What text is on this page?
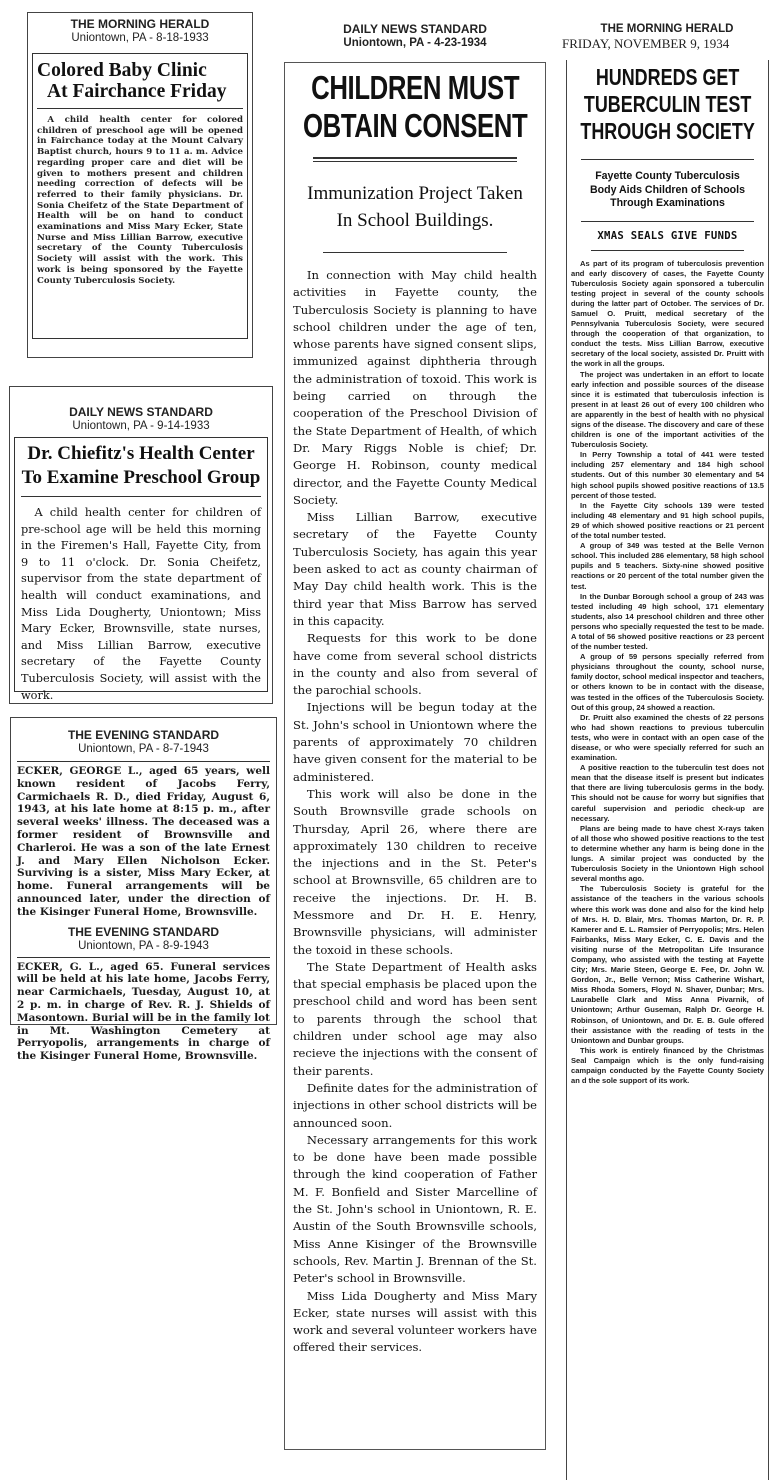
THE MORNING HERALD
Uniontown, PA - 8-18-1933
Colored Baby Clinic
At Fairchance Friday

A child health center for colored children of preschool age will be opened in Fairchance today at the Mount Calvary Baptist church, hours 9 to 11 a. m. Advice regarding proper care and diet will be given to mothers present and children needing correction of defects will be referred to their family physicians. Dr. Sonia Cheifetz of the State Department of Health will be on hand to conduct examinations and Miss Mary Ecker, State Nurse and Miss Lillian Barrow, executive secretary of the County Tuberculosis Society will assist with the work. This work is being sponsored by the Fayette County Tuberculosis Society.

DAILY NEWS STANDARD
Uniontown, PA - 9-14-1933
Dr. Chiefitz's Health Center
To Examine Preschool Group

A child health center for children of pre-school age will be held this morning in the Firemen's Hall, Fayette City, from 9 to 11 o'clock. Dr. Sonia Cheifetz, supervisor from the state department of health will conduct examinations, and Miss Lida Dougherty, Uniontown; Miss Mary Ecker, Brownsville, state nurses, and Miss Lillian Barrow, executive secretary of the Fayette County Tuberculosis Society, will assist with the work.

THE EVENING STANDARD
Uniontown, PA - 8-7-1943

ECKER, GEORGE L., aged 65 years, well known resident of Jacobs Ferry, Carmichaels R. D., died Friday, August 6, 1943, at his late home at 8:15 p. m., after several weeks' illness. The deceased was a former resident of Brownsville and Charleroi. He was a son of the late Ernest J. and Mary Ellen Nicholson Ecker. Surviving is a sister, Miss Mary Ecker, at home. Funeral arrangements will be announced later, under the direction of the Kisinger Funeral Home, Brownsville.

THE EVENING STANDARD
Uniontown, PA - 8-9-1943

ECKER, G. L., aged 65. Funeral services will be held at his late home, Jacobs Ferry, near Carmichaels, Tuesday, August 10, at 2 p. m. in charge of Rev. R. J. Shields of Masontown. Burial will be in the family lot in Mt. Washington Cemetery at Perryopolis, arrangements in charge of the Kisinger Funeral Home, Brownsville.

DAILY NEWS STANDARD
Uniontown, PA - 4-23-1934
CHILDREN MUST
OBTAIN CONSENT
Immunization Project Taken
In School Buildings.

In connection with May child health activities in Fayette county, the Tuberculosis Society is planning to have school children under the age of ten, whose parents have signed consent slips, immunized against diphtheria through the administration of toxoid. This work is being carried on through the cooperation of the Preschool Division of the State Department of Health, of which Dr. Mary Riggs Noble is chief; Dr. George H. Robinson, county medical director, and the Fayette County Medical Society.

Miss Lillian Barrow, executive secretary of the Fayette County Tuberculosis Society, has again this year been asked to act as county chairman of May Day child health work. This is the third year that Miss Barrow has served in this capacity.

Requests for this work to be done have come from several school districts in the county and also from several of the parochial schools.

Injections will be begun today at the St. John's school in Uniontown where the parents of approximately 70 children have given consent for the material to be administered.

This work will also be done in the South Brownsville grade schools on Thursday, April 26, where there are approximately 130 children to receive the injections and in the St. Peter's school at Brownsville, 65 children are to receive the injections. Dr. H. B. Messmore and Dr. H. E. Henry, Brownsville physicians, will administer the toxoid in these schools.

The State Department of Health asks that special emphasis be placed upon the preschool child and word has been sent to parents through the school that children under school age may also recieve the injections with the consent of their parents.

Definite dates for the administration of injections in other school districts will be announced soon.

Necessary arrangements for this work to be done have been made possible through the kind cooperation of Father M. F. Bonfield and Sister Marcelline of the St. John's school in Uniontown, R. E. Austin of the South Brownsville schools, Miss Anne Kisinger of the Brownsville schools, Rev. Martin J. Brennan of the St. Peter's school in Brownsville.

Miss Lida Dougherty and Miss Mary Ecker, state nurses will assist with this work and several volunteer workers have offered their services.

THE MORNING HERALD
FRIDAY, NOVEMBER 9, 1934
HUNDREDS GET
TUBERCULIN TEST
THROUGH SOCIETY
Fayette County Tuberculosis
Body Aids Children of Schools
Through Examinations
XMAS SEALS GIVE FUNDS

As part of its program of tuberculosis prevention and early discovery of cases, the Fayette County Tuberculosis Society again sponsored a tuberculin testing project in several of the county schools during the latter part of October. The services of Dr. Samuel O. Pruitt, medical secretary of the Pennsylvania Tuberculosis Society, were secured through the cooperation of that organization, to conduct the tests. Miss Lillian Barrow, executive secretary of the local society, assisted Dr. Pruitt with the work in all the groups.

The project was undertaken in an effort to locate early infection and possible sources of the disease since it is estimated that tuberculosis infection is present in at least 26 out of every 100 children who are apparently in the best of health with no physical signs of the disease. The discovery and care of these children is one of the important activities of the Tuberculosis Society.

In Perry Township a total of 441 were tested including 257 elementary and 184 high school students. Out of this number 30 elementary and 54 high school pupils showed positive reactions of 13.5 percent of those tested.

In the Fayette City schools 139 were tested including 48 elementary and 91 high school pupils, 29 of which showed positive reactions or 21 percent of the total number tested.

A group of 349 was tested at the Belle Vernon school. This included 286 elementary, 58 high school pupils and 5 teachers. Sixty-nine showed positive reactions or 20 percent of the total number given the test.

In the Dunbar Borough school a group of 243 was tested including 49 high school, 171 elementary students, also 14 preschool children and three other persons who specially requested the test to be made. A total of 56 showed positive reactions or 23 percent of the number tested.

A group of 59 persons specially referred from physicians throughout the county, school nurse, family doctor, school medical inspector and teachers, or others known to be in contact with the disease, was tested in the offices of the Tuberculosis Society. Out of this group, 24 showed a reaction.

Dr. Pruitt also examined the chests of 22 persons who had shown reactions to previous tuberculin tests, who were in contact with an open case of the disease, or who were specially referred for such an examination.

A positive reaction to the tuberculin test does not mean that the disease itself is present but indicates that there are living tuberculosis germs in the body. This should not be cause for worry but signifies that careful supervision and periodic check-up are necessary.

Plans are being made to have chest X-rays taken of all those who showed positive reactions to the test to determine whether any harm is being done in the lungs. A similar project was conducted by the Tuberculosis Society in the Uniontown High school several months ago.

The Tuberculosis Society is grateful for the assistance of the teachers in the various schools where this work was done and also for the kind help of Mrs. H. D. Blair, Mrs. Thomas Marton, Dr. R. P. Kamerer and E. L. Ramsier of Perryopolis; Mrs. Helen Fairbanks, Miss Mary Ecker, C. E. Davis and the visiting nurse of the Metropolitan Life Insurance Company, who assisted with the testing at Fayette City; Mrs. Marie Steen, George E. Fee, Dr. John W. Gordon, Jr., Belle Vernon; Miss Catherine Wishart, Miss Rhoda Somers, Floyd N. Shaver, Dunbar; Mrs. Laurabelle Clark and Miss Anna Pivarnik, of Uniontown; Arthur Guseman, Ralph Dr. George H. Robinson, of Uniontown, and Dr. E. B. Gule offered their assistance with the reading of tests in the Uniontown and Dunbar groups.

This work is entirely financed by the Christmas Seal Campaign which is the only fund-raising campaign conducted by the Fayette County Society an d the sole support of its work.
